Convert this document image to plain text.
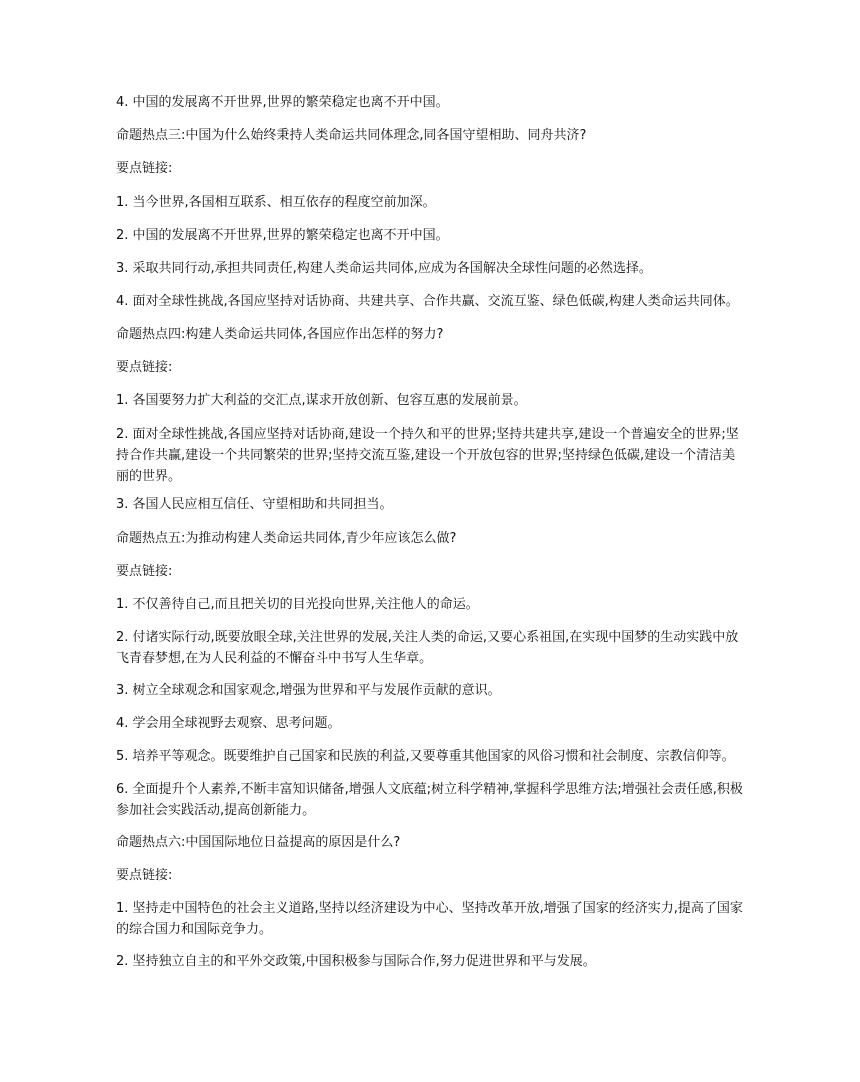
4. 中国的发展离不开世界,世界的繁荣稳定也离不开中国。
命题热点三:中国为什么始终秉持人类命运共同体理念,同各国守望相助、同舟共济?
要点链接:
1. 当今世界,各国相互联系、相互依存的程度空前加深。
2. 中国的发展离不开世界,世界的繁荣稳定也离不开中国。
3. 采取共同行动,承担共同责任,构建人类命运共同体,应成为各国解决全球性问题的必然选择。
4. 面对全球性挑战,各国应坚持对话协商、共建共享、合作共赢、交流互鉴、绿色低碳,构建人类命运共同体。
命题热点四:构建人类命运共同体,各国应作出怎样的努力?
要点链接:
1. 各国要努力扩大利益的交汇点,谋求开放创新、包容互惠的发展前景。
2. 面对全球性挑战,各国应坚持对话协商,建设一个持久和平的世界;坚持共建共享,建设一个普遍安全的世界;坚持合作共赢,建设一个共同繁荣的世界;坚持交流互鉴,建设一个开放包容的世界;坚持绿色低碳,建设一个清洁美丽的世界。
3. 各国人民应相互信任、守望相助和共同担当。
命题热点五:为推动构建人类命运共同体,青少年应该怎么做?
要点链接:
1. 不仅善待自己,而且把关切的目光投向世界,关注他人的命运。
2. 付诸实际行动,既要放眼全球,关注世界的发展,关注人类的命运,又要心系祖国,在实现中国梦的生动实践中放飞青春梦想,在为人民利益的不懈奋斗中书写人生华章。
3. 树立全球观念和国家观念,增强为世界和平与发展作贡献的意识。
4. 学会用全球视野去观察、思考问题。
5. 培养平等观念。既要维护自己国家和民族的利益,又要尊重其他国家的风俗习惯和社会制度、宗教信仰等。
6. 全面提升个人素养,不断丰富知识储备,增强人文底蕴;树立科学精神,掌握科学思维方法;增强社会责任感,积极参加社会实践活动,提高创新能力。
命题热点六:中国国际地位日益提高的原因是什么?
要点链接:
1. 坚持走中国特色的社会主义道路,坚持以经济建设为中心、坚持改革开放,增强了国家的经济实力,提高了国家的综合国力和国际竞争力。
2. 坚持独立自主的和平外交政策,中国积极参与国际合作,努力促进世界和平与发展。
